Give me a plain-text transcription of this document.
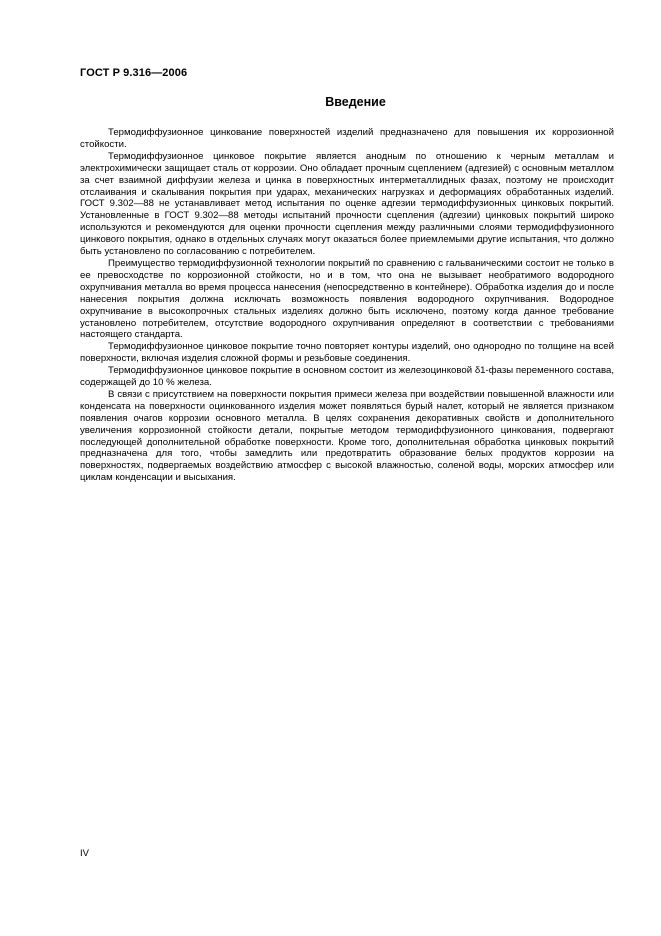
ГОСТ Р 9.316—2006
Введение

Термодиффузионное цинкование поверхностей изделий предназначено для повышения их коррозионной стойкости.

Термодиффузионное цинковое покрытие является анодным по отношению к черным металлам и электрохимически защищает сталь от коррозии. Оно обладает прочным сцеплением (адгезией) с основным металлом за счет взаимной диффузии железа и цинка в поверхностных интерметаллидных фазах, поэтому не происходит отслаивания и скалывания покрытия при ударах, механических нагрузках и деформациях обработанных изделий. ГОСТ 9.302—88 не устанавливает метод испытания по оценке адгезии термодиффузионных цинковых покрытий. Установленные в ГОСТ 9.302—88 методы испытаний прочности сцепления (адгезии) цинковых покрытий широко используются и рекомендуются для оценки прочности сцепления между различными слоями термодиффузионного цинкового покрытия, однако в отдельных случаях могут оказаться более приемлемыми другие испытания, что должно быть установлено по согласованию с потребителем.

Преимущество термодиффузионной технологии покрытий по сравнению с гальваническими состоит не только в ее превосходстве по коррозионной стойкости, но и в том, что она не вызывает необратимого водородного охрупчивания металла во время процесса нанесения (непосредственно в контейнере). Обработка изделия до и после нанесения покрытия должна исключать возможность появления водородного охрупчивания. Водородное охрупчивание в высокопрочных стальных изделиях должно быть исключено, поэтому когда данное требование установлено потребителем, отсутствие водородного охрупчивания определяют в соответствии с требованиями настоящего стандарта.

Термодиффузионное цинковое покрытие точно повторяет контуры изделий, оно однородно по толщине на всей поверхности, включая изделия сложной формы и резьбовые соединения.

Термодиффузионное цинковое покрытие в основном состоит из железоцинковой δ1-фазы переменного состава, содержащей до 10 % железа.

В связи с присутствием на поверхности покрытия примеси железа при воздействии повышенной влажности или конденсата на поверхности оцинкованного изделия может появляться бурый налет, который не является признаком появления очагов коррозии основного металла. В целях сохранения декоративных свойств и дополнительного увеличения коррозионной стойкости детали, покрытые методом термодиффузионного цинкования, подвергают последующей дополнительной обработке поверхности. Кроме того, дополнительная обработка цинковых покрытий предназначена для того, чтобы замедлить или предотвратить образование белых продуктов коррозии на поверхностях, подвергаемых воздействию атмосфер с высокой влажностью, соленой воды, морских атмосфер или циклам конденсации и высыхания.

IV
